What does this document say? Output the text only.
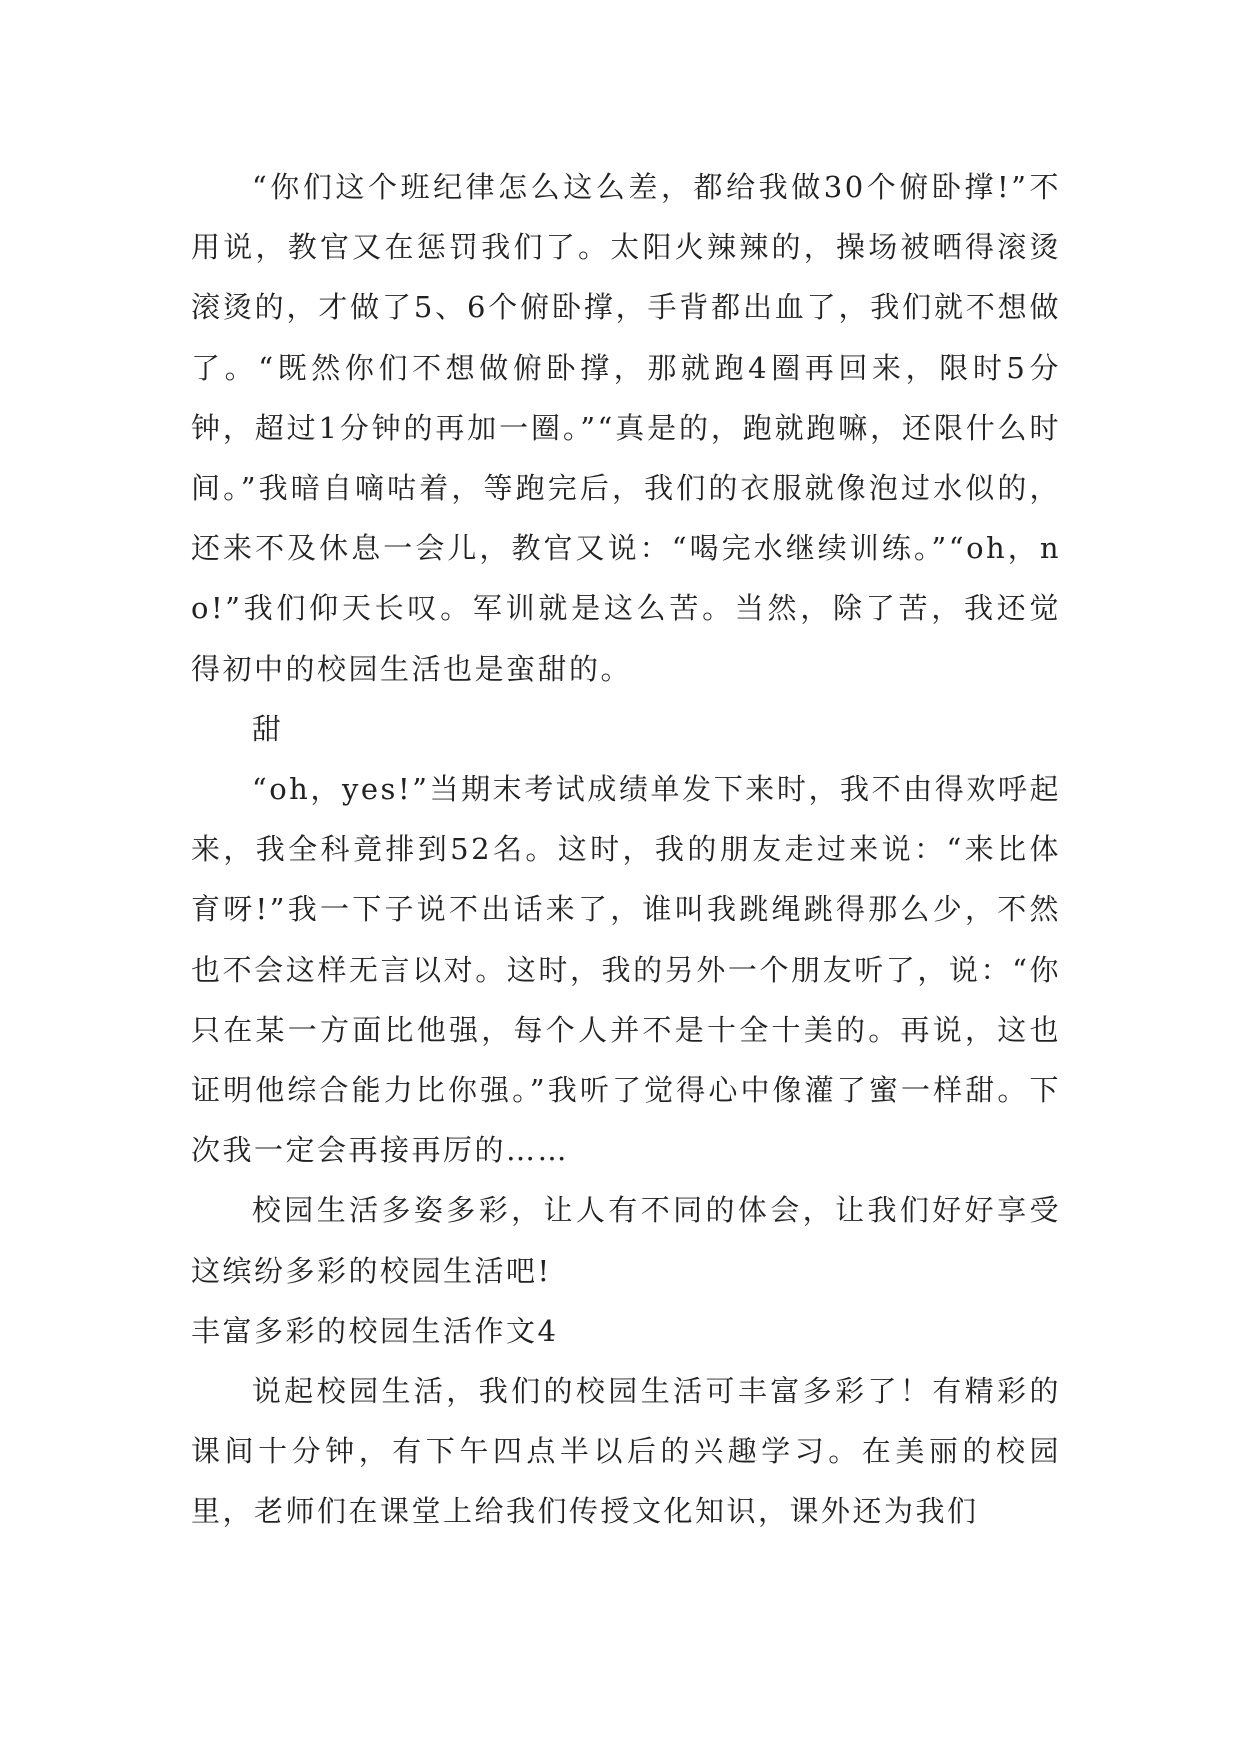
“你们这个班纪律怎么这么差，都给我做30个俯卧撑!”不用说，教官又在惩罚我们了。太阳火辣辣的，操场被晒得滚烫滚烫的，才做了5、6个俯卧撑，手背都出血了，我们就不想做了。“既然你们不想做俯卧撑，那就跑4圈再回来，限时5分钟，超过1分钟的再加一圈。”“真是的，跑就跑嘛，还限什么时间。”我暗自嘀咕着，等跑完后，我们的衣服就像泡过水似的，还来不及休息一会儿，教官又说：“喝完水继续训练。”“oh，no!”我们仰天长叹。军训就是这么苦。当然，除了苦，我还觉得初中的校园生活也是蛮甜的。

甜

“oh，yes!”当期末考试成绩单发下来时，我不由得欢呼起来，我全科竟排到52名。这时，我的朋友走过来说：“来比体育呀!”我一下子说不出话来了，谁叫我跳绳跳得那么少，不然也不会这样无言以对。这时，我的另外一个朋友听了，说：“你只在某一方面比他强，每个人并不是十全十美的。再说，这也证明他综合能力比你强。”我听了觉得心中像灌了蜜一样甜。下次我一定会再接再厉的……

校园生活多姿多彩，让人有不同的体会，让我们好好享受这缤纷多彩的校园生活吧!

丰富多彩的校园生活作文4

说起校园生活，我们的校园生活可丰富多彩了！有精彩的课间十分钟，有下午四点半以后的兴趣学习。在美丽的校园里，老师们在课堂上给我们传授文化知识，课外还为我们
